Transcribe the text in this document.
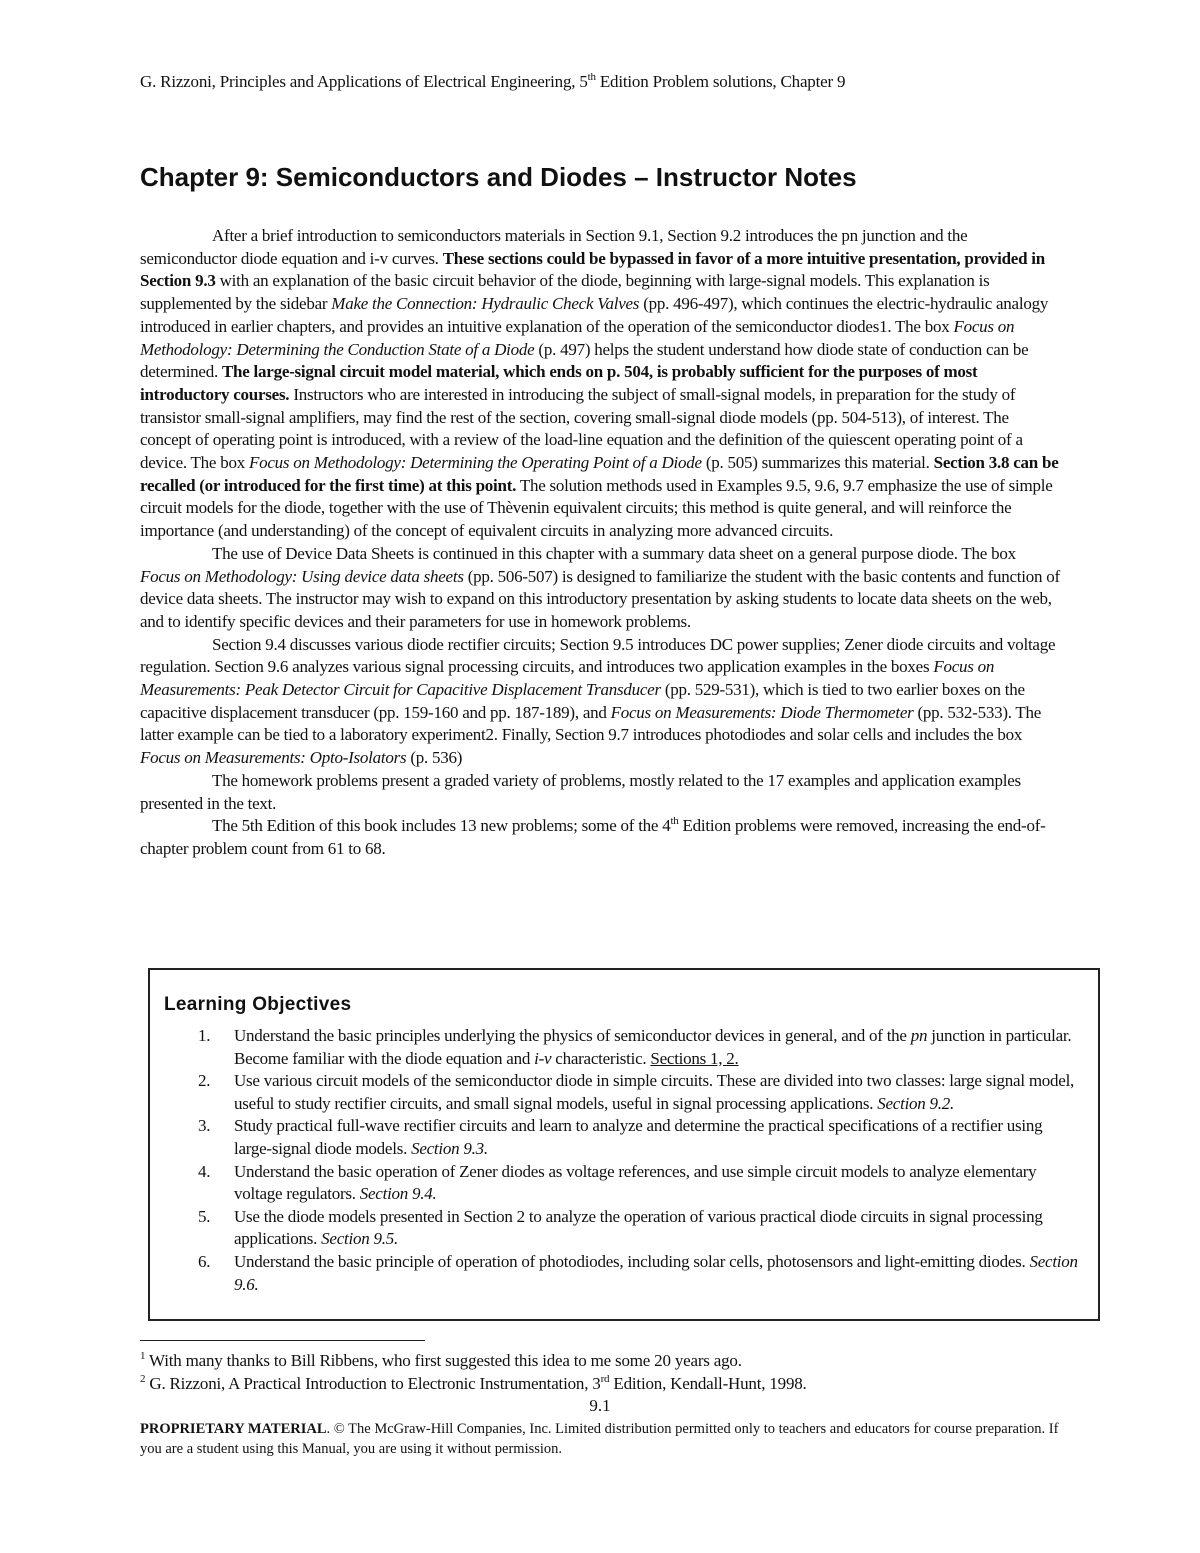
G. Rizzoni, Principles and Applications of Electrical Engineering, 5th Edition Problem solutions, Chapter 9
Chapter 9: Semiconductors and Diodes – Instructor Notes

After a brief introduction to semiconductors materials in Section 9.1, Section 9.2 introduces the pn junction and the semiconductor diode equation and i-v curves. These sections could be bypassed in favor of a more intuitive presentation, provided in Section 9.3 with an explanation of the basic circuit behavior of the diode, beginning with large-signal models. This explanation is supplemented by the sidebar Make the Connection: Hydraulic Check Valves (pp. 496-497), which continues the electric-hydraulic analogy introduced in earlier chapters, and provides an intuitive explanation of the operation of the semiconductor diodes1. The box Focus on Methodology: Determining the Conduction State of a Diode (p. 497) helps the student understand how diode state of conduction can be determined. The large-signal circuit model material, which ends on p. 504, is probably sufficient for the purposes of most introductory courses. Instructors who are interested in introducing the subject of small-signal models, in preparation for the study of transistor small-signal amplifiers, may find the rest of the section, covering small-signal diode models (pp. 504-513), of interest. The concept of operating point is introduced, with a review of the load-line equation and the definition of the quiescent operating point of a device. The box Focus on Methodology: Determining the Operating Point of a Diode (p. 505) summarizes this material. Section 3.8 can be recalled (or introduced for the first time) at this point. The solution methods used in Examples 9.5, 9.6, 9.7 emphasize the use of simple circuit models for the diode, together with the use of Thèvenin equivalent circuits; this method is quite general, and will reinforce the importance (and understanding) of the concept of equivalent circuits in analyzing more advanced circuits.

The use of Device Data Sheets is continued in this chapter with a summary data sheet on a general purpose diode. The box Focus on Methodology: Using device data sheets (pp. 506-507) is designed to familiarize the student with the basic contents and function of device data sheets. The instructor may wish to expand on this introductory presentation by asking students to locate data sheets on the web, and to identify specific devices and their parameters for use in homework problems.

Section 9.4 discusses various diode rectifier circuits; Section 9.5 introduces DC power supplies; Zener diode circuits and voltage regulation. Section 9.6 analyzes various signal processing circuits, and introduces two application examples in the boxes Focus on Measurements: Peak Detector Circuit for Capacitive Displacement Transducer (pp. 529-531), which is tied to two earlier boxes on the capacitive displacement transducer (pp. 159-160 and pp. 187-189), and Focus on Measurements: Diode Thermometer (pp. 532-533). The latter example can be tied to a laboratory experiment2. Finally, Section 9.7 introduces photodiodes and solar cells and includes the box Focus on Measurements: Opto-Isolators (p. 536)

The homework problems present a graded variety of problems, mostly related to the 17 examples and application examples presented in the text.

The 5th Edition of this book includes 13 new problems; some of the 4th Edition problems were removed, increasing the end-of-chapter problem count from 61 to 68.

Learning Objectives
1. Understand the basic principles underlying the physics of semiconductor devices in general, and of the pn junction in particular. Become familiar with the diode equation and i-v characteristic. Sections 1, 2.
2. Use various circuit models of the semiconductor diode in simple circuits. These are divided into two classes: large signal model, useful to study rectifier circuits, and small signal models, useful in signal processing applications. Section 9.2.
3. Study practical full-wave rectifier circuits and learn to analyze and determine the practical specifications of a rectifier using large-signal diode models. Section 9.3.
4. Understand the basic operation of Zener diodes as voltage references, and use simple circuit models to analyze elementary voltage regulators. Section 9.4.
5. Use the diode models presented in Section 2 to analyze the operation of various practical diode circuits in signal processing applications. Section 9.5.
6. Understand the basic principle of operation of photodiodes, including solar cells, photosensors and light-emitting diodes. Section 9.6.

$^1$ With many thanks to Bill Ribbens, who first suggested this idea to me some 20 years ago.

$^2$ G. Rizzoni, A Practical Introduction to Electronic Instrumentation, 3rd Edition, Kendall-Hunt, 1998.

9.1

PROPRIETARY MATERIAL. © The McGraw-Hill Companies, Inc. Limited distribution permitted only to teachers and educators for course preparation. If you are a student using this Manual, you are using it without permission.
